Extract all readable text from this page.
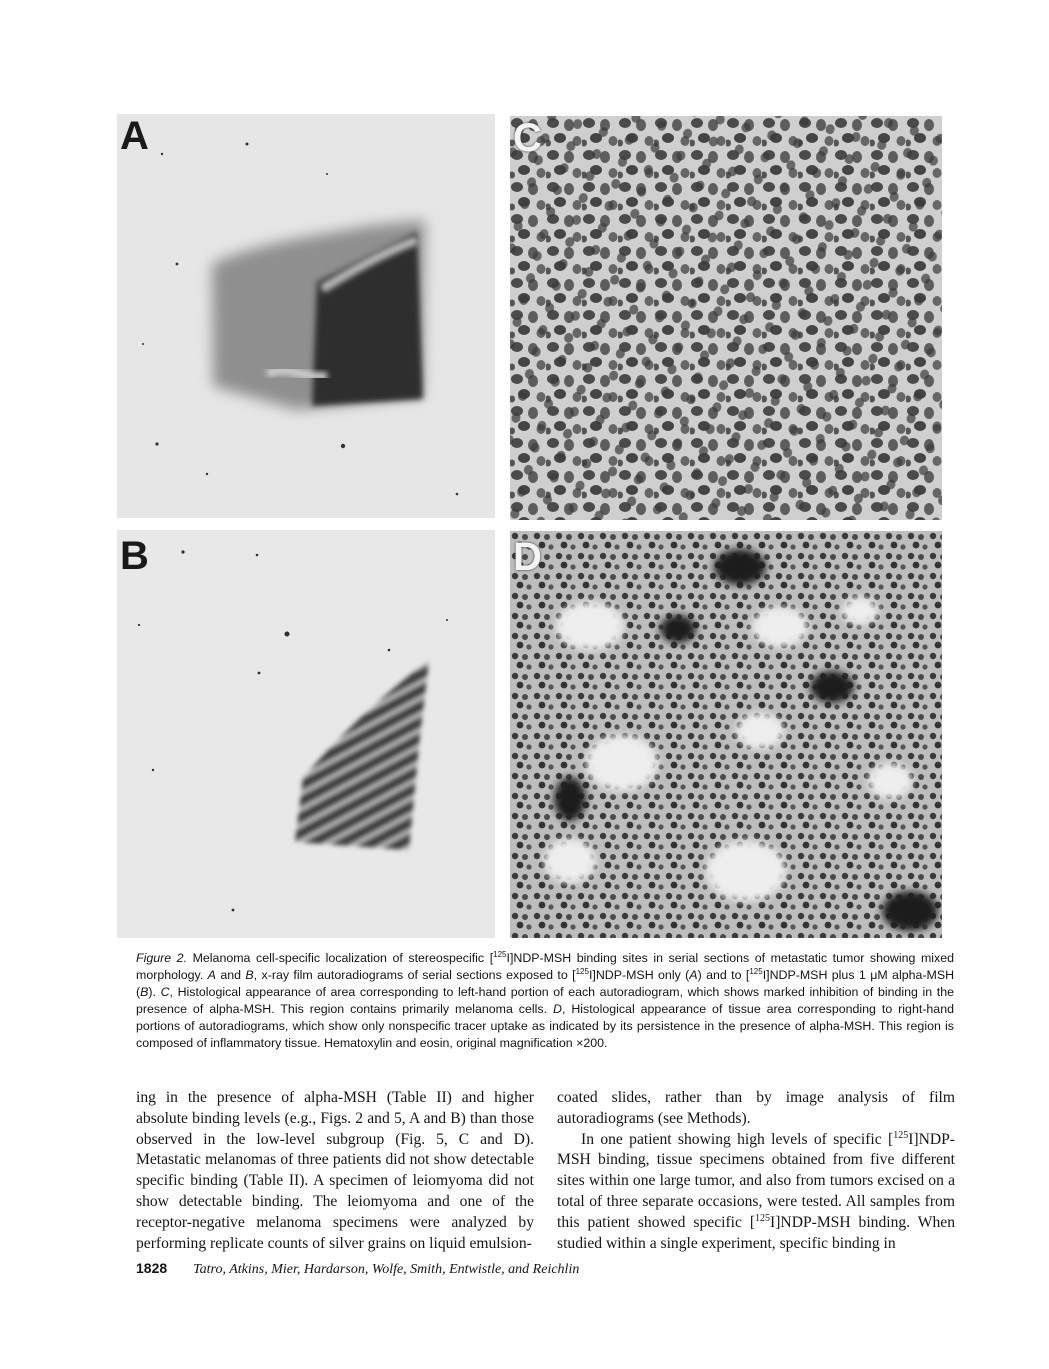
A	C
B	D

Figure 2. Melanoma cell-specific localization of stereospecific [$^{125}$I]NDP-MSH binding sites in serial sections of metastatic tumor showing mixed morphology. A and B, x-ray film autoradiograms of serial sections exposed to [$^{125}$I]NDP-MSH only (A) and to [$^{125}$I]NDP-MSH plus 1 μM alpha-MSH (B). C, Histological appearance of area corresponding to left-hand portion of each autoradiogram, which shows marked inhibition of binding in the presence of alpha-MSH. This region contains primarily melanoma cells. D, Histological appearance of tissue area corresponding to right-hand portions of autoradiograms, which show only nonspecific tracer uptake as indicated by its persistence in the presence of alpha-MSH. This region is composed of inflammatory tissue. Hematoxylin and eosin, original magnification ×200.

ing in the presence of alpha-MSH (Table II) and higher absolute binding levels (e.g., Figs. 2 and 5, A and B) than those observed in the low-level subgroup (Fig. 5, C and D). Metastatic melanomas of three patients did not show detectable specific binding (Table II). A specimen of leiomyoma did not show detectable binding. The leiomyoma and one of the receptor-negative melanoma specimens were analyzed by performing replicate counts of silver grains on liquid emulsion-

coated slides, rather than by image analysis of film autoradiograms (see Methods).

In one patient showing high levels of specific [$^{125}$I]NDP-MSH binding, tissue specimens obtained from five different sites within one large tumor, and also from tumors excised on a total of three separate occasions, were tested. All samples from this patient showed specific [$^{125}$I]NDP-MSH binding. When studied within a single experiment, specific binding in

1828 Tatro, Atkins, Mier, Hardarson, Wolfe, Smith, Entwistle, and Reichlin
